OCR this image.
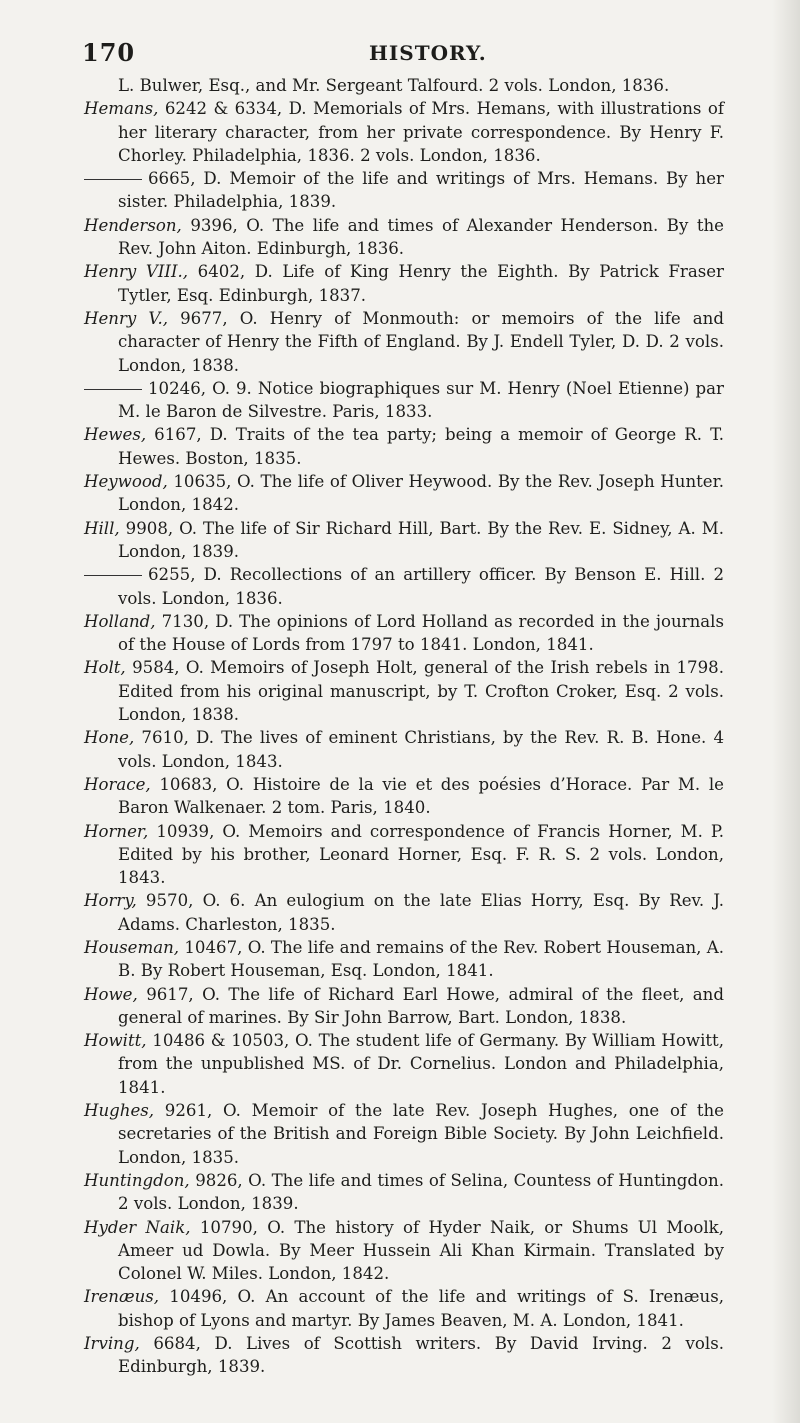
170	HISTORY.

L. Bulwer, Esq., and Mr. Sergeant Talfourd. 2 vols. London, 1836.

Hemans, 6242 & 6334, D. Memorials of Mrs. Hemans, with illustrations of her literary character, from her private correspondence. By Henry F. Chorley. Philadelphia, 1836. 2 vols. London, 1836.

6665, D. Memoir of the life and writings of Mrs. Hemans. By her sister. Philadelphia, 1839.

Henderson, 9396, O. The life and times of Alexander Henderson. By the Rev. John Aiton. Edinburgh, 1836.

Henry VIII., 6402, D. Life of King Henry the Eighth. By Patrick Fraser Tytler, Esq. Edinburgh, 1837.

Henry V., 9677, O. Henry of Monmouth: or memoirs of the life and character of Henry the Fifth of England. By J. Endell Tyler, D. D. 2 vols. London, 1838.

10246, O. 9. Notice biographiques sur M. Henry (Noel Etienne) par M. le Baron de Silvestre. Paris, 1833.

Hewes, 6167, D. Traits of the tea party; being a memoir of George R. T. Hewes. Boston, 1835.

Heywood, 10635, O. The life of Oliver Heywood. By the Rev. Joseph Hunter. London, 1842.

Hill, 9908, O. The life of Sir Richard Hill, Bart. By the Rev. E. Sidney, A. M. London, 1839.

6255, D. Recollections of an artillery officer. By Benson E. Hill. 2 vols. London, 1836.

Holland, 7130, D. The opinions of Lord Holland as recorded in the journals of the House of Lords from 1797 to 1841. London, 1841.

Holt, 9584, O. Memoirs of Joseph Holt, general of the Irish rebels in 1798. Edited from his original manuscript, by T. Crofton Croker, Esq. 2 vols. London, 1838.

Hone, 7610, D. The lives of eminent Christians, by the Rev. R. B. Hone. 4 vols. London, 1843.

Horace, 10683, O. Histoire de la vie et des poésies d’Horace. Par M. le Baron Walkenaer. 2 tom. Paris, 1840.

Horner, 10939, O. Memoirs and correspondence of Francis Horner, M. P. Edited by his brother, Leonard Horner, Esq. F. R. S. 2 vols. London, 1843.

Horry, 9570, O. 6. An eulogium on the late Elias Horry, Esq. By Rev. J. Adams. Charleston, 1835.

Houseman, 10467, O. The life and remains of the Rev. Robert Houseman, A. B. By Robert Houseman, Esq. London, 1841.

Howe, 9617, O. The life of Richard Earl Howe, admiral of the fleet, and general of marines. By Sir John Barrow, Bart. London, 1838.

Howitt, 10486 & 10503, O. The student life of Germany. By William Howitt, from the unpublished MS. of Dr. Cornelius. London and Philadelphia, 1841.

Hughes, 9261, O. Memoir of the late Rev. Joseph Hughes, one of the secretaries of the British and Foreign Bible Society. By John Leichfield. London, 1835.

Huntingdon, 9826, O. The life and times of Selina, Countess of Huntingdon. 2 vols. London, 1839.

Hyder Naik, 10790, O. The history of Hyder Naik, or Shums Ul Moolk, Ameer ud Dowla. By Meer Hussein Ali Khan Kirmain. Translated by Colonel W. Miles. London, 1842.

Irenæus, 10496, O. An account of the life and writings of S. Irenæus, bishop of Lyons and martyr. By James Beaven, M. A. London, 1841.

Irving, 6684, D. Lives of Scottish writers. By David Irving. 2 vols. Edinburgh, 1839.
